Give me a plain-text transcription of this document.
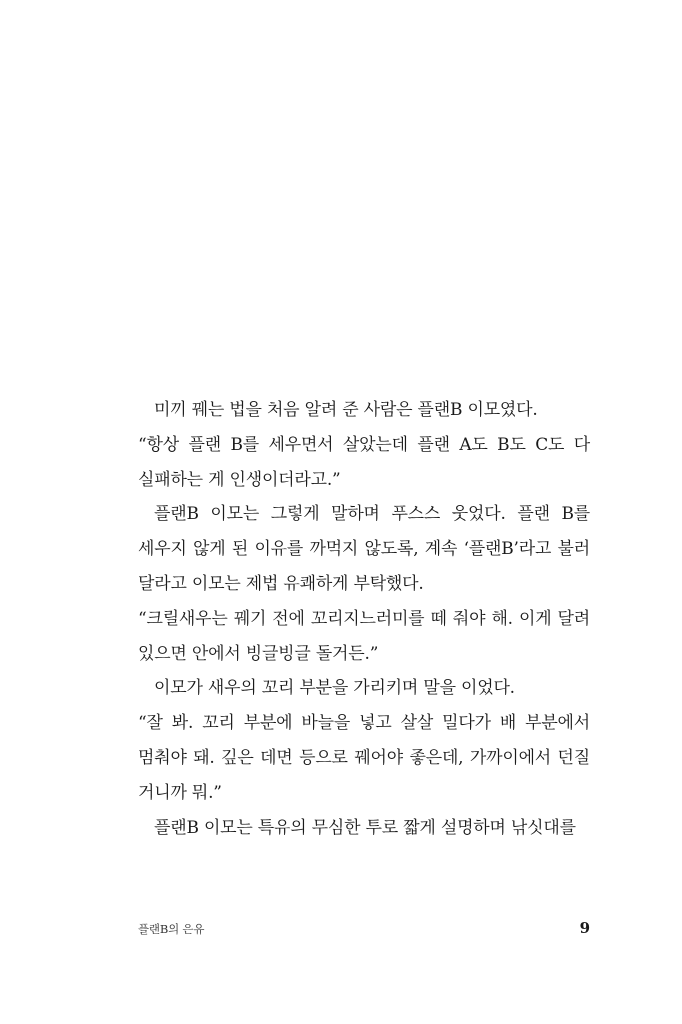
미끼 꿰는 법을 처음 알려 준 사람은 플랜B 이모였다.

“항상 플랜 B를 세우면서 살았는데 플랜 A도 B도 C도 다 실패하는 게 인생이더라고.”

플랜B 이모는 그렇게 말하며 푸스스 웃었다. 플랜 B를 세우지 않게 된 이유를 까먹지 않도록, 계속 ‘플랜B’라고 불러 달라고 이모는 제법 유쾌하게 부탁했다.

“크릴새우는 꿰기 전에 꼬리지느러미를 떼 줘야 해. 이게 달려 있으면 안에서 빙글빙글 돌거든.”

이모가 새우의 꼬리 부분을 가리키며 말을 이었다.

“잘 봐. 꼬리 부분에 바늘을 넣고 살살 밀다가 배 부분에서 멈춰야 돼. 깊은 데면 등으로 꿰어야 좋은데, 가까이에서 던질 거니까 뭐.”

플랜B 이모는 특유의 무심한 투로 짧게 설명하며 낚싯대를

플랜B의 은유	9
